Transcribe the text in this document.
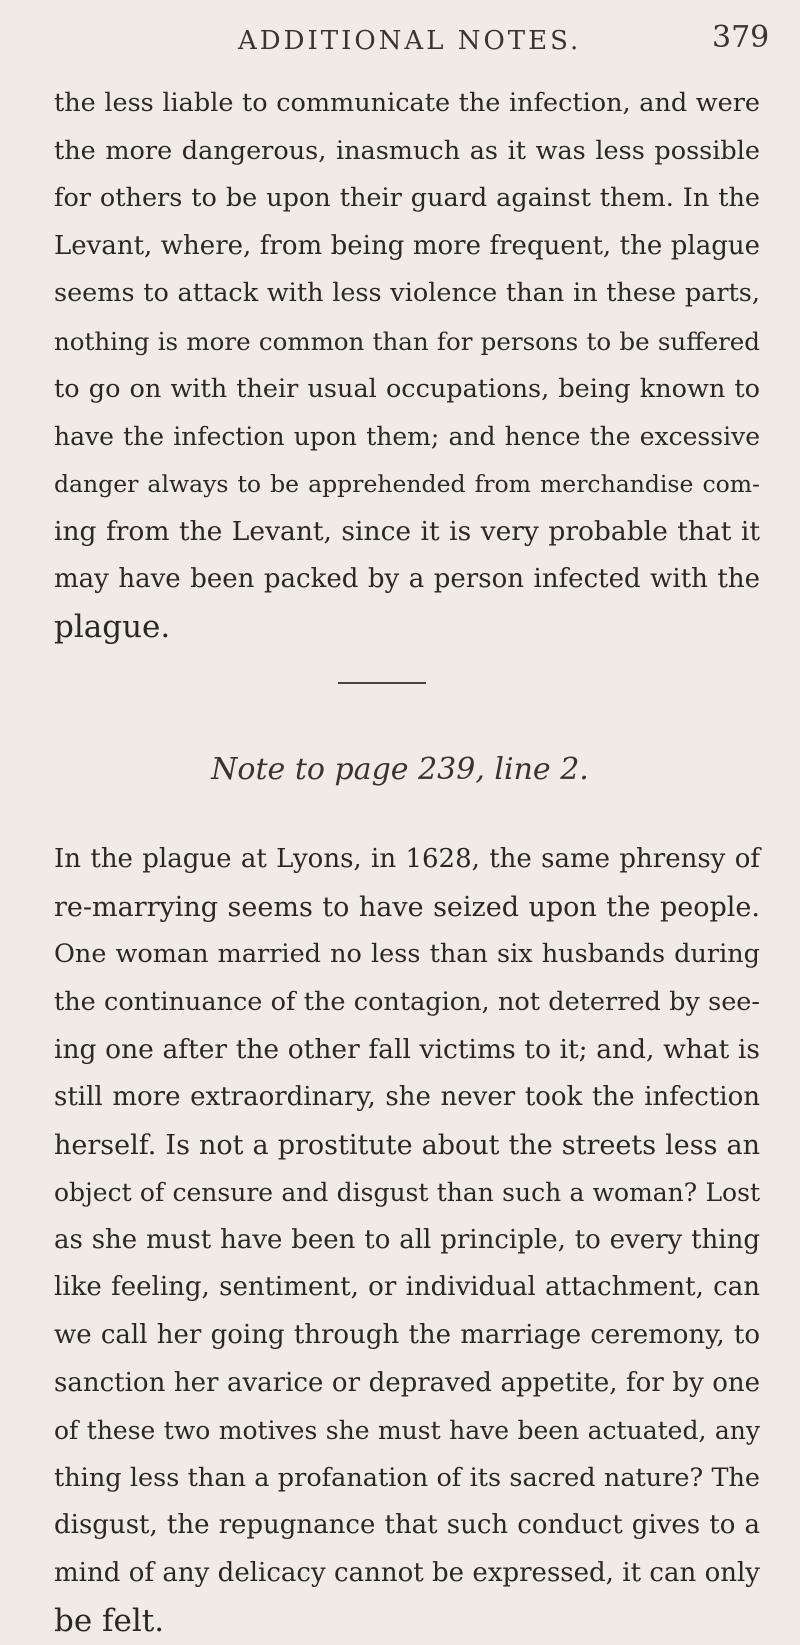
ADDITIONAL NOTES.	379
the less liable to communicate the infection, and were
the more dangerous, inasmuch as it was less possible
for others to be upon their guard against them. In the
Levant, where, from being more frequent, the plague
seems to attack with less violence than in these parts,
nothing is more common than for persons to be suffered
to go on with their usual occupations, being known to
have the infection upon them; and hence the excessive
danger always to be apprehended from merchandise com-
ing from the Levant, since it is very probable that it
may have been packed by a person infected with the
plague.
Note to page 239, line 2.
In the plague at Lyons, in 1628, the same phrensy of
re-marrying seems to have seized upon the people.
One woman married no less than six husbands during
the continuance of the contagion, not deterred by see-
ing one after the other fall victims to it; and, what is
still more extraordinary, she never took the infection
herself. Is not a prostitute about the streets less an
object of censure and disgust than such a woman? Lost
as she must have been to all principle, to every thing
like feeling, sentiment, or individual attachment, can
we call her going through the marriage ceremony, to
sanction her avarice or depraved appetite, for by one
of these two motives she must have been actuated, any
thing less than a profanation of its sacred nature? The
disgust, the repugnance that such conduct gives to a
mind of any delicacy cannot be expressed, it can only
be felt.
